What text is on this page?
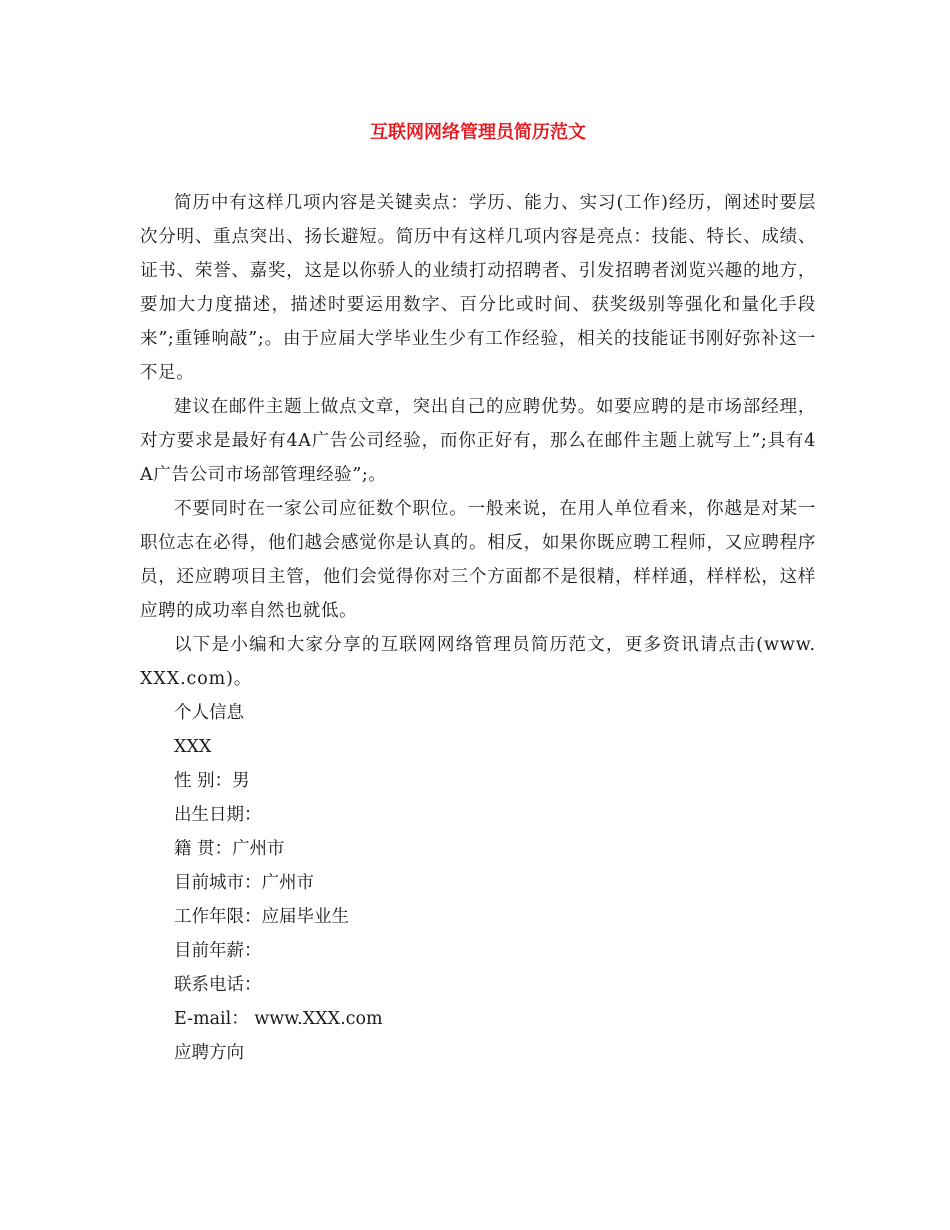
互联网网络管理员简历范文

简历中有这样几项内容是关键卖点：学历、能力、实习(工作)经历，阐述时要层次分明、重点突出、扬长避短。简历中有这样几项内容是亮点：技能、特长、成绩、证书、荣誉、嘉奖，这是以你骄人的业绩打动招聘者、引发招聘者浏览兴趣的地方，要加大力度描述，描述时要运用数字、百分比或时间、获奖级别等强化和量化手段来”;重锤响敲”;。由于应届大学毕业生少有工作经验，相关的技能证书刚好弥补这一不足。

建议在邮件主题上做点文章，突出自己的应聘优势。如要应聘的是市场部经理，对方要求是最好有4A广告公司经验，而你正好有，那么在邮件主题上就写上”;具有4A广告公司市场部管理经验”;。

不要同时在一家公司应征数个职位。一般来说，在用人单位看来，你越是对某一职位志在必得，他们越会感觉你是认真的。相反，如果你既应聘工程师，又应聘程序员，还应聘项目主管，他们会觉得你对三个方面都不是很精，样样通，样样松，这样应聘的成功率自然也就低。

以下是小编和大家分享的互联网网络管理员简历范文，更多资讯请点击(www.XXX.com)。

个人信息
XXX
性 别：男
出生日期：
籍 贯：广州市
目前城市：广州市
工作年限：应届毕业生
目前年薪：
联系电话：
E-mail： www.XXX.com
应聘方向
